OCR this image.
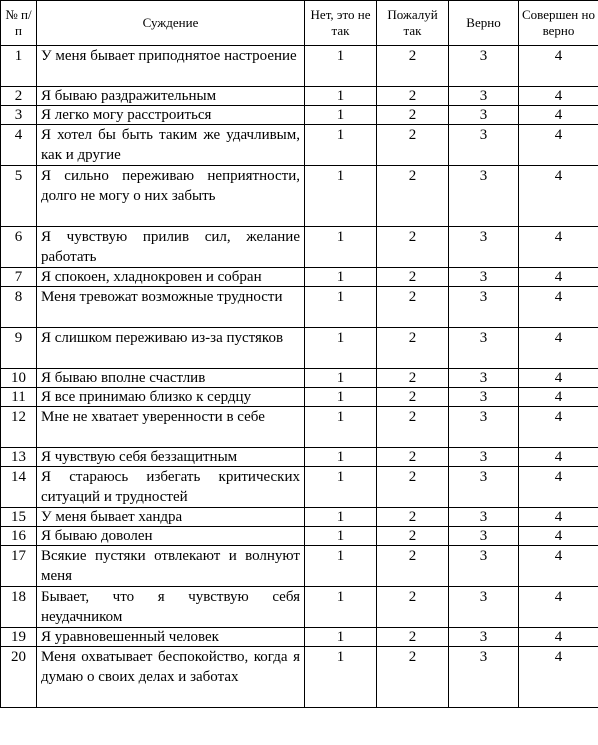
№ п/п	Суждение	Нет, это не так	Пожалуй так	Верно	Совершен но верно
1	У меня бывает приподнятое настроение	1	2	3	4
2	Я бываю раздражительным	1	2	3	4
3	Я легко могу расстроиться	1	2	3	4
4	Я хотел бы быть таким же удачливым, как и другие	1	2	3	4
5	Я сильно переживаю неприятности, долго не могу о них забыть	1	2	3	4
6	Я чувствую прилив сил, желание работать	1	2	3	4
7	Я спокоен, хладнокровен и собран	1	2	3	4
8	Меня тревожат возможные трудности	1	2	3	4
9	Я слишком переживаю из-за пустяков	1	2	3	4
10	Я бываю вполне счастлив	1	2	3	4
11	Я все принимаю близко к сердцу	1	2	3	4
12	Мне не хватает уверенности в себе	1	2	3	4
13	Я чувствую себя беззащитным	1	2	3	4
14	Я стараюсь избегать критических ситуаций и трудностей	1	2	3	4
15	У меня бывает хандра	1	2	3	4
16	Я бываю доволен	1	2	3	4
17	Всякие пустяки отвлекают и волнуют меня	1	2	3	4
18	Бывает, что я чувствую себя неудачником	1	2	3	4
19	Я уравновешенный человек	1	2	3	4
20	Меня охватывает беспокойство, когда я думаю о своих делах и заботах	1	2	3	4
